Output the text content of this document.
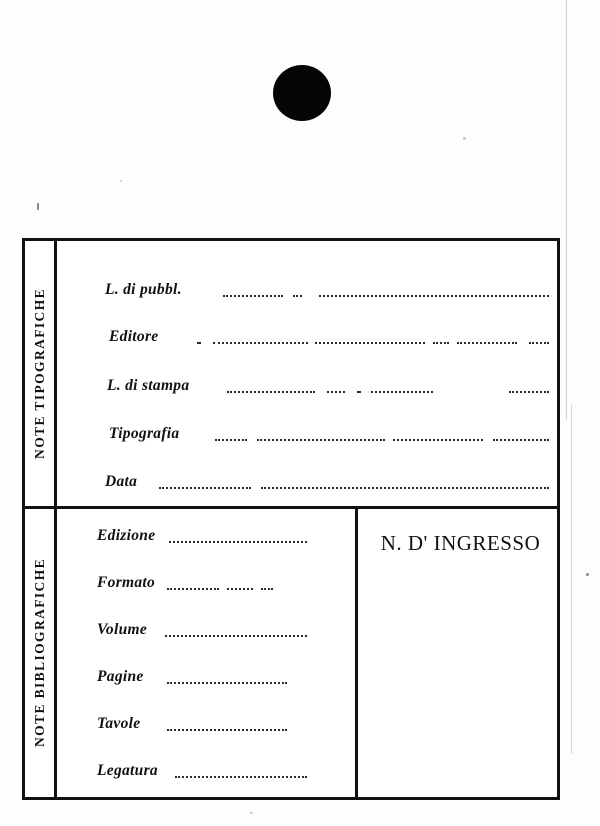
NOTE TIPOGRAFICHE	L. di pubbl.
Editore
L. di stampa
Tipografia
Data
NOTE BIBLIOGRAFICHE
N. D' INGRESSO
Edizione
Formato
Volume
Pagine
Tavole
Legatura
